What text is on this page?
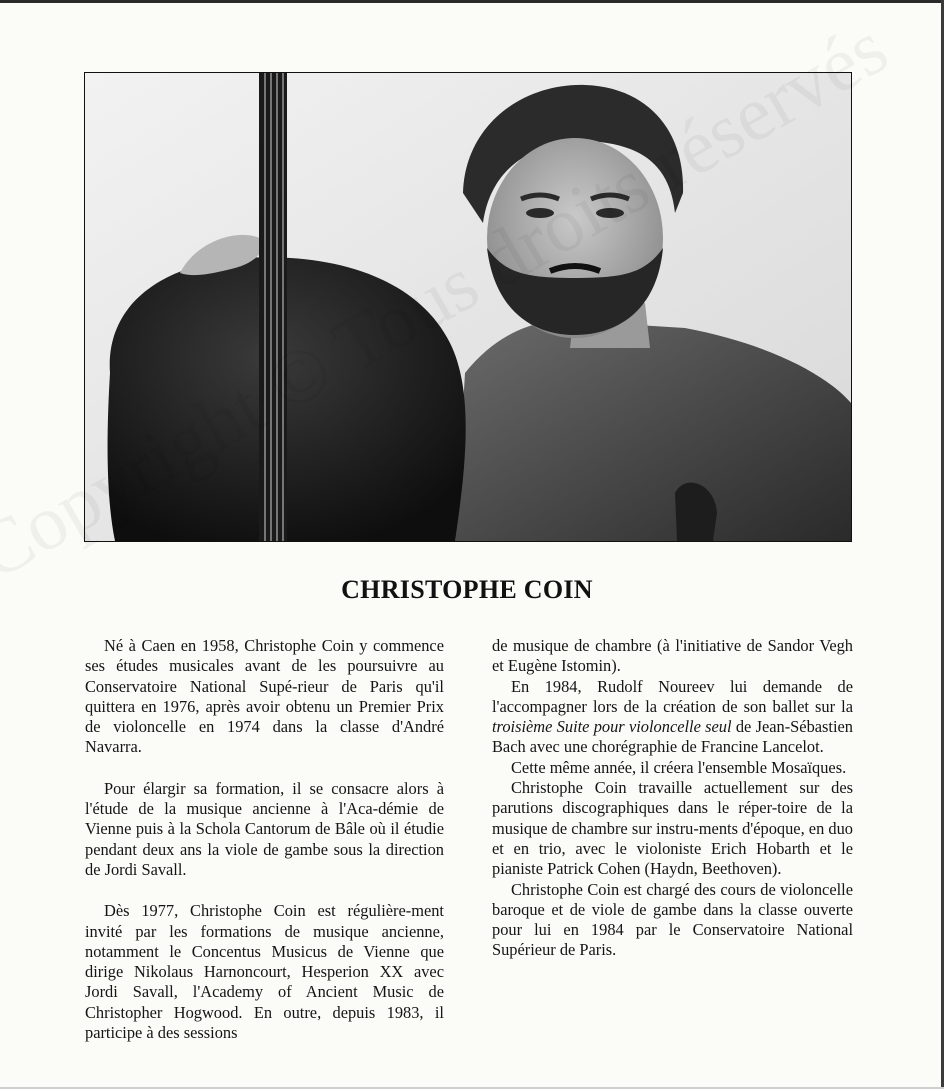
CHRISTOPHE COIN

Né à Caen en 1958, Christophe Coin y commence ses études musicales avant de les poursuivre au Conservatoire National Supé-rieur de Paris qu'il quittera en 1976, après avoir obtenu un Premier Prix de violoncelle en 1974 dans la classe d'André Navarra.

Pour élargir sa formation, il se consacre alors à l'étude de la musique ancienne à l'Aca-démie de Vienne puis à la Schola Cantorum de Bâle où il étudie pendant deux ans la viole de gambe sous la direction de Jordi Savall.

Dès 1977, Christophe Coin est régulière-ment invité par les formations de musique ancienne, notamment le Concentus Musicus de Vienne que dirige Nikolaus Harnoncourt, Hesperion XX avec Jordi Savall, l'Academy of Ancient Music de Christopher Hogwood. En outre, depuis 1983, il participe à des sessions

de musique de chambre (à l'initiative de Sandor Vegh et Eugène Istomin).

En 1984, Rudolf Noureev lui demande de l'accompagner lors de la création de son ballet sur la troisième Suite pour violoncelle seul de Jean-Sébastien Bach avec une chorégraphie de Francine Lancelot.

Cette même année, il créera l'ensemble Mosaïques.

Christophe Coin travaille actuellement sur des parutions discographiques dans le réper-toire de la musique de chambre sur instru-ments d'époque, en duo et en trio, avec le violoniste Erich Hobarth et le pianiste Patrick Cohen (Haydn, Beethoven).

Christophe Coin est chargé des cours de violoncelle baroque et de viole de gambe dans la classe ouverte pour lui en 1984 par le Conservatoire National Supérieur de Paris.
